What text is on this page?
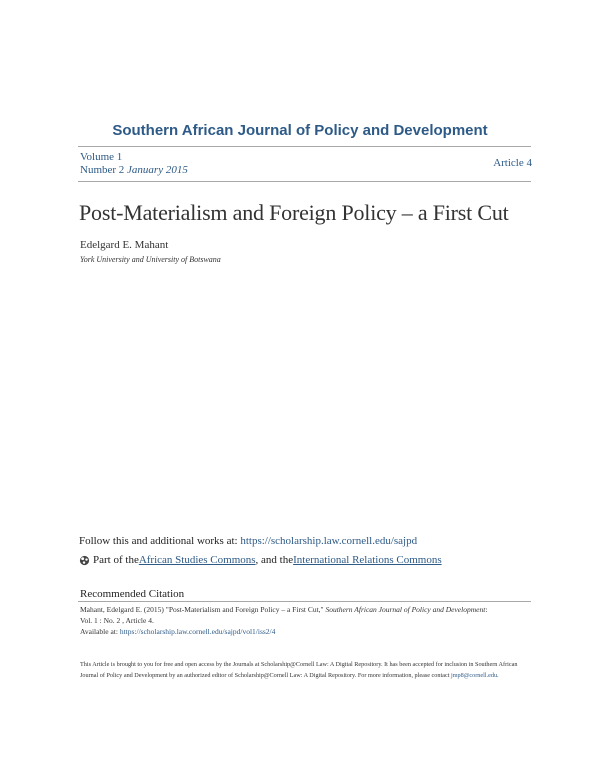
Southern African Journal of Policy and Development
Volume 1
Number 2 January 2015
Article 4
Post-Materialism and Foreign Policy – a First Cut
Edelgard E. Mahant
York University and University of Botswana
Follow this and additional works at: https://scholarship.law.cornell.edu/sajpd
Part of the African Studies Commons , and the International Relations Commons
Recommended Citation
Mahant, Edelgard E. (2015) "Post-Materialism and Foreign Policy – a First Cut," Southern African Journal of Policy and Development:
Vol. 1 : No. 2 , Article 4.
Available at: https://scholarship.law.cornell.edu/sajpd/vol1/iss2/4
This Article is brought to you for free and open access by the Journals at Scholarship@Cornell Law: A Digital Repository. It has been accepted for inclusion in Southern African Journal of Policy and Development by an authorized editor of Scholarship@Cornell Law: A Digital Repository. For more information, please contact jmp8@cornell.edu.
